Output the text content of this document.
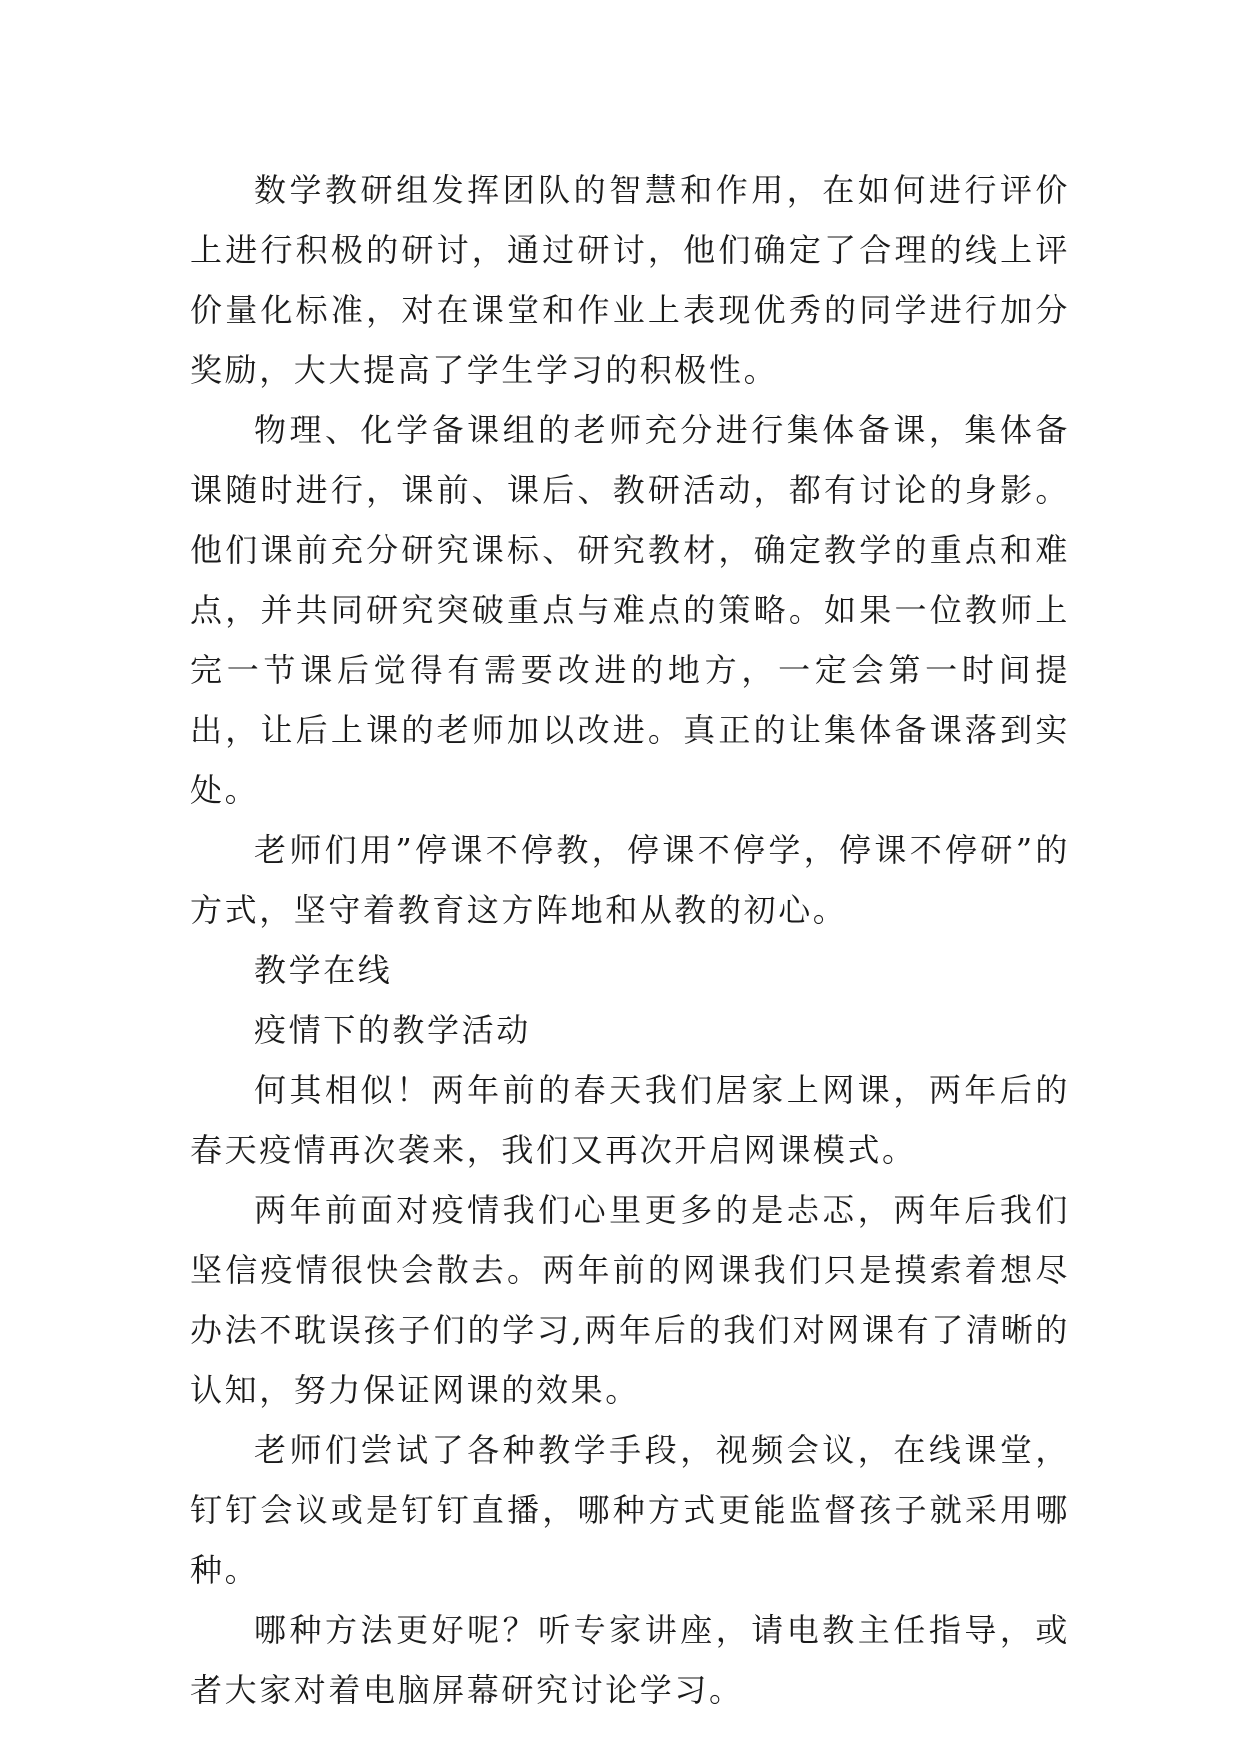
数学教研组发挥团队的智慧和作用，在如何进行评价上进行积极的研讨，通过研讨，他们确定了合理的线上评价量化标准，对在课堂和作业上表现优秀的同学进行加分奖励，大大提高了学生学习的积极性。

物理、化学备课组的老师充分进行集体备课，集体备课随时进行，课前、课后、教研活动，都有讨论的身影。他们课前充分研究课标、研究教材，确定教学的重点和难点，并共同研究突破重点与难点的策略。如果一位教师上完一节课后觉得有需要改进的地方，一定会第一时间提出，让后上课的老师加以改进。真正的让集体备课落到实处。

老师们用”停课不停教，停课不停学，停课不停研”的方式，坚守着教育这方阵地和从教的初心。

教学在线

疫情下的教学活动

何其相似！两年前的春天我们居家上网课，两年后的春天疫情再次袭来，我们又再次开启网课模式。

两年前面对疫情我们心里更多的是忐忑，两年后我们坚信疫情很快会散去。两年前的网课我们只是摸索着想尽办法不耽误孩子们的学习,两年后的我们对网课有了清晰的认知，努力保证网课的效果。

老师们尝试了各种教学手段，视频会议，在线课堂，钉钉会议或是钉钉直播，哪种方式更能监督孩子就采用哪种。

哪种方法更好呢？听专家讲座，请电教主任指导，或者大家对着电脑屏幕研究讨论学习。
